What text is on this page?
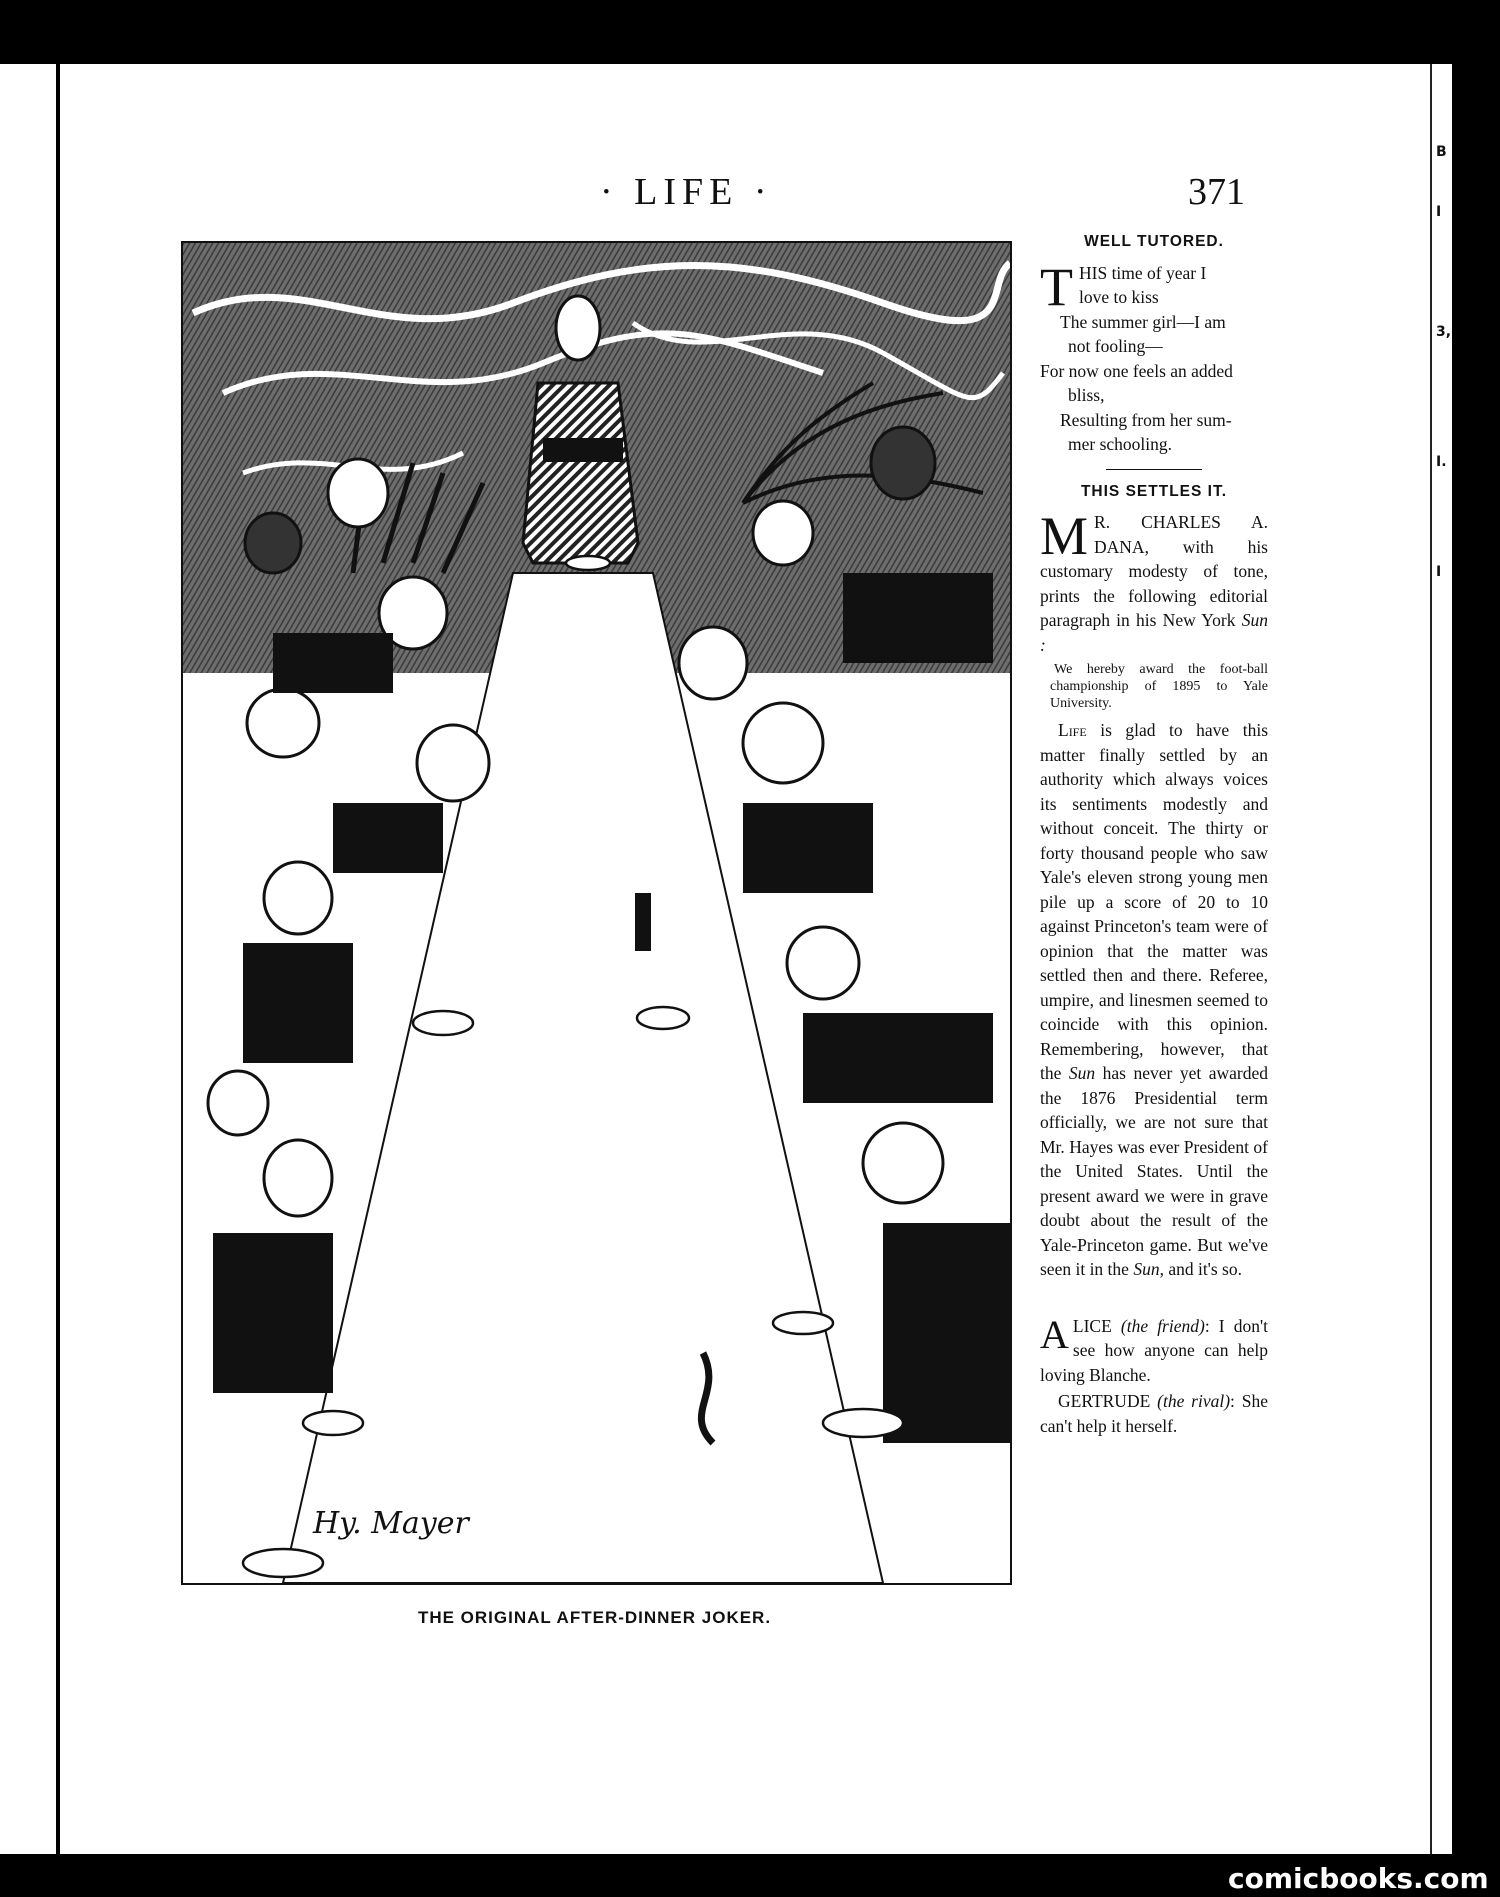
B
I
3,
I.
I
· LIFE ·	371
Hy. Mayer
THE ORIGINAL AFTER-DINNER JOKER.
WELL TUTORED.
T HIS time of year I

love to kiss

The summer girl—I am

not fooling—

For now one feels an added

bliss,

Resulting from her sum-

mer schooling.

THIS SETTLES IT.

M R. CHARLES A. DANA, with his customary modesty of tone, prints the following editorial paragraph in his New York Sun :

We hereby award the foot-ball championship of 1895 to Yale University.

Life is glad to have this matter finally settled by an authority which always voices its sentiments modestly and without conceit. The thirty or forty thousand people who saw Yale's eleven strong young men pile up a score of 20 to 10 against Princeton's team were of opinion that the matter was settled then and there. Referee, umpire, and linesmen seemed to coincide with this opinion. Remembering, however, that the Sun has never yet awarded the 1876 Presidential term officially, we are not sure that Mr. Hayes was ever President of the United States. Until the present award we were in grave doubt about the result of the Yale-Princeton game. But we've seen it in the Sun, and it's so.

ALICE (the friend): I don't see how anyone can help loving Blanche.

GERTRUDE (the rival): She can't help it herself.

comicbooks.com
